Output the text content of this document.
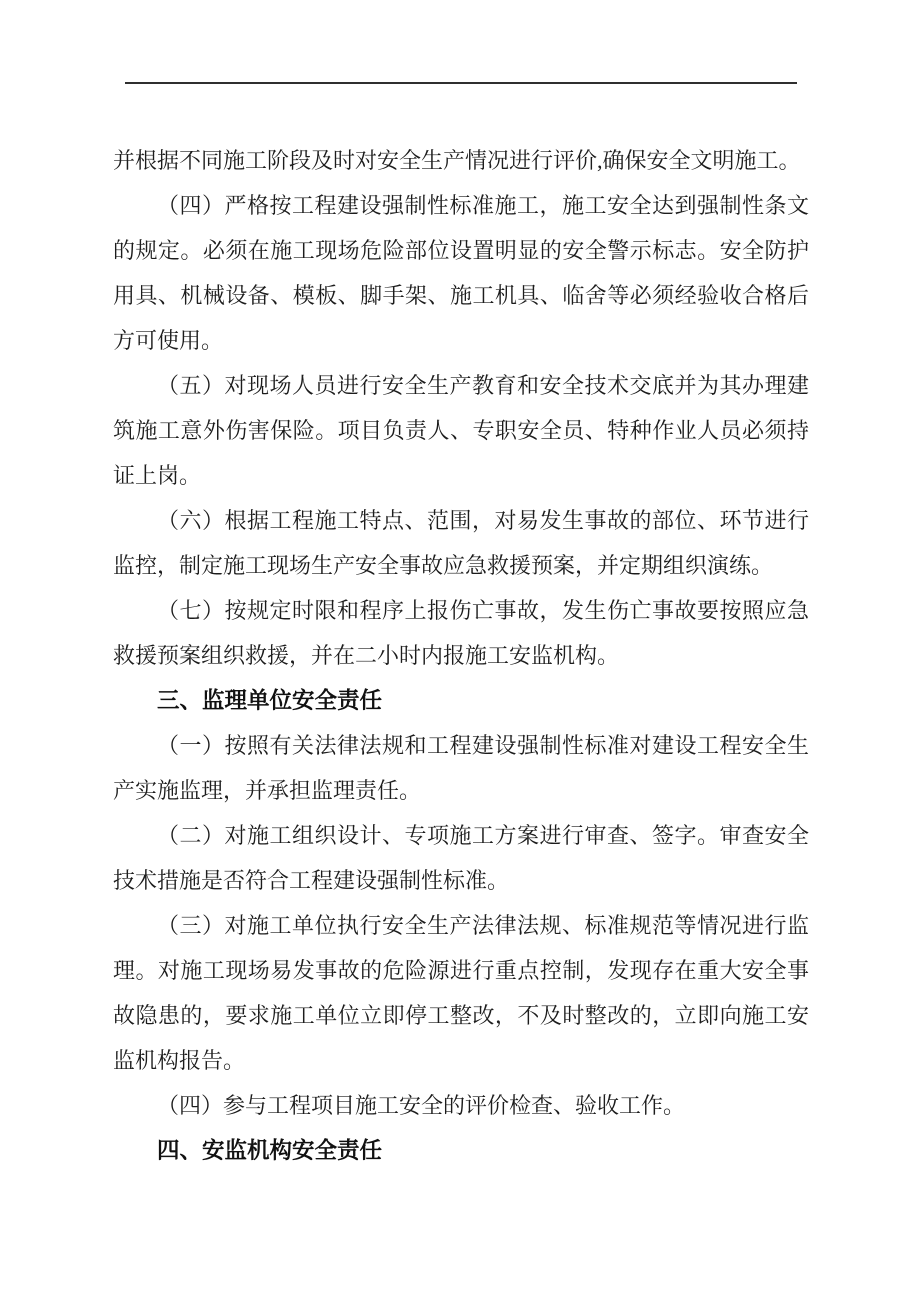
并根据不同施工阶段及时对安全生产情况进行评价,确保安全文明施工。
（四）严格按工程建设强制性标准施工，施工安全达到强制性条文
的规定。必须在施工现场危险部位设置明显的安全警示标志。安全防护
用具、机械设备、模板、脚手架、施工机具、临舍等必须经验收合格后
方可使用。
（五）对现场人员进行安全生产教育和安全技术交底并为其办理建
筑施工意外伤害保险。项目负责人、专职安全员、特种作业人员必须持
证上岗。
（六）根据工程施工特点、范围，对易发生事故的部位、环节进行
监控，制定施工现场生产安全事故应急救援预案，并定期组织演练。
（七）按规定时限和程序上报伤亡事故，发生伤亡事故要按照应急
救援预案组织救援，并在二小时内报施工安监机构。
三、监理单位安全责任
（一）按照有关法律法规和工程建设强制性标准对建设工程安全生
产实施监理，并承担监理责任。
（二）对施工组织设计、专项施工方案进行审查、签字。审查安全
技术措施是否符合工程建设强制性标准。
（三）对施工单位执行安全生产法律法规、标准规范等情况进行监
理。对施工现场易发事故的危险源进行重点控制，发现存在重大安全事
故隐患的，要求施工单位立即停工整改，不及时整改的，立即向施工安
监机构报告。
（四）参与工程项目施工安全的评价检查、验收工作。
四、安监机构安全责任
